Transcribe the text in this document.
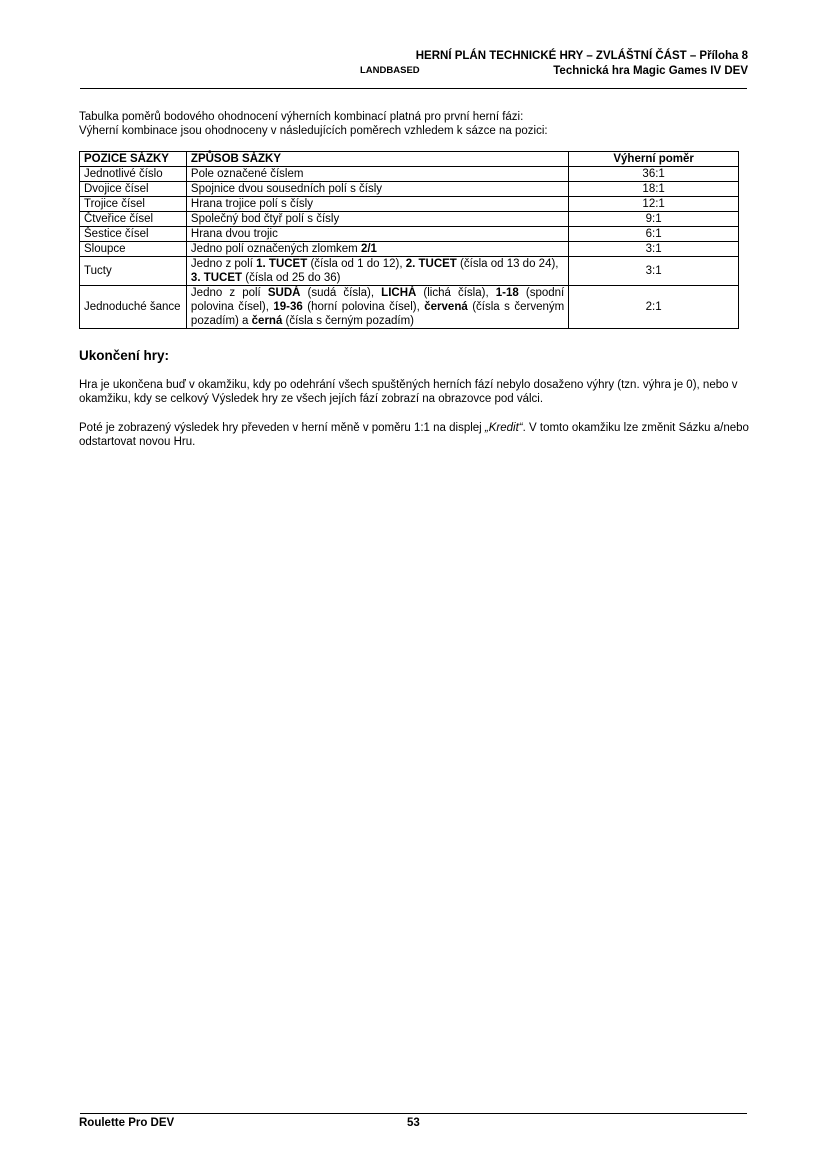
HERNÍ PLÁN TECHNICKÉ HRY – ZVLÁŠTNÍ ČÁST – Příloha 8
LANDBASED	Technická hra Magic Games IV DEV
Tabulka poměrů bodového ohodnocení výherních kombinací platná pro první herní fázi:
Výherní kombinace jsou ohodnoceny v následujících poměrech vzhledem k sázce na pozici:
POZICE SÁZKY	ZPŮSOB SÁZKY	Výherní poměr
Jednotlivé číslo	Pole označené číslem	36:1
Dvojice čísel	Spojnice dvou sousedních polí s čísly	18:1
Trojice čísel	Hrana trojice polí s čísly	12:1
Čtveřice čísel	Společný bod čtyř polí s čísly	9:1
Šestice čísel	Hrana dvou trojic	6:1
Sloupce	Jedno polí označených zlomkem 2/1	3:1
Tucty	Jedno z polí 1. TUCET (čísla od 1 do 12), 2. TUCET (čísla od 13 do 24), 3. TUCET (čísla od 25 do 36)	3:1
Jednoduché šance	Jedno z polí SUDÁ (sudá čísla), LICHÁ (lichá čísla), 1-18 (spodní polovina čísel), 19-36 (horní polovina čísel), červená (čísla s červeným pozadím) a černá (čísla s černým pozadím)	2:1
Ukončení hry:
Hra je ukončena buď v okamžiku, kdy po odehrání všech spuštěných herních fází nebylo dosaženo výhry (tzn. výhra je 0), nebo v okamžiku, kdy se celkový Výsledek hry ze všech jejích fází zobrazí na obrazovce pod válci.
Poté je zobrazený výsledek hry převeden v herní měně v poměru 1:1 na displej „Kredit“. V tomto okamžiku lze změnit Sázku a/nebo odstartovat novou Hru.
Roulette Pro DEV	53
